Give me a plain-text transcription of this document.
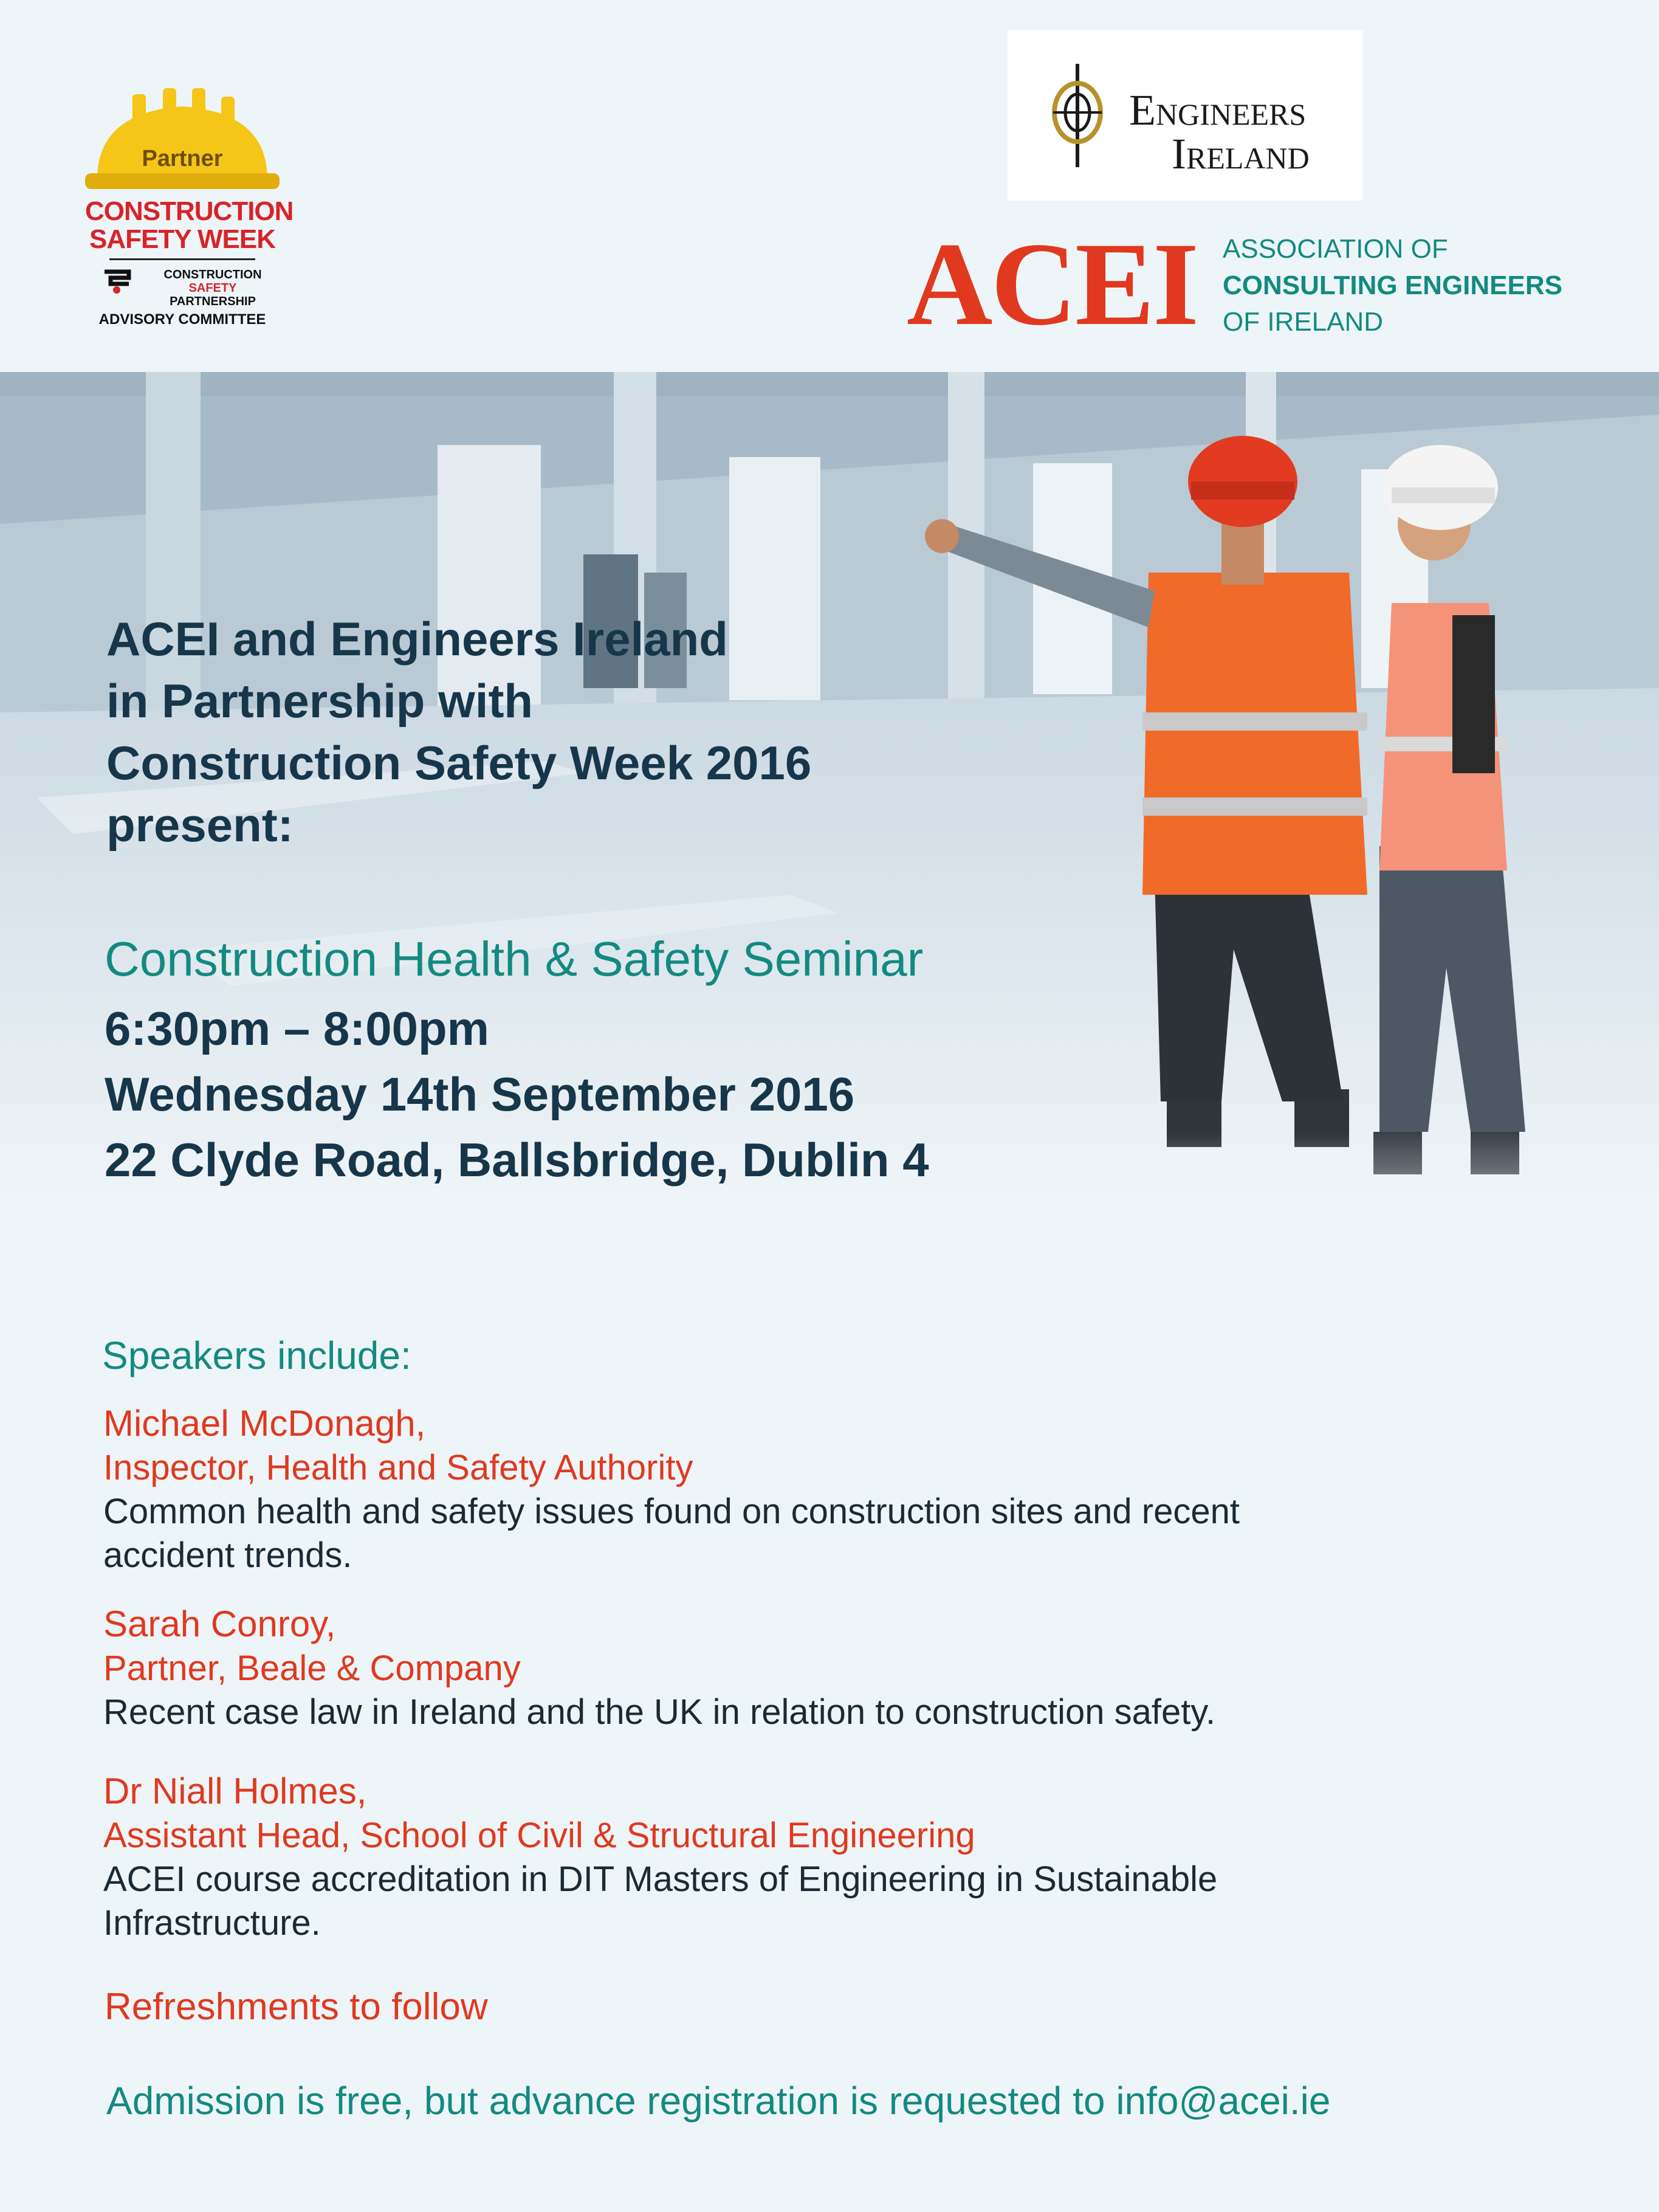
Partner
CONSTRUCTION
SAFETY WEEK
CONSTRUCTION
SAFETY
PARTNERSHIP
ADVISORY COMMITTEE
Engineers
Ireland
ACEI ASSOCIATION OF
CONSULTING ENGINEERS
OF IRELAND
ACEI and Engineers Ireland
in Partnership with
Construction Safety Week 2016
present:
Construction Health & Safety Seminar
6:30pm – 8:00pm
Wednesday 14th September 2016
22 Clyde Road, Ballsbridge, Dublin 4
Speakers include:
Michael McDonagh,
Inspector, Health and Safety Authority
Common health and safety issues found on construction sites and recent
accident trends.
Sarah Conroy,
Partner, Beale & Company
Recent case law in Ireland and the UK in relation to construction safety.
Dr Niall Holmes,
Assistant Head, School of Civil & Structural Engineering
ACEI course accreditation in DIT Masters of Engineering in Sustainable
Infrastructure.
Refreshments to follow
Admission is free, but advance registration is requested to info@acei.ie
